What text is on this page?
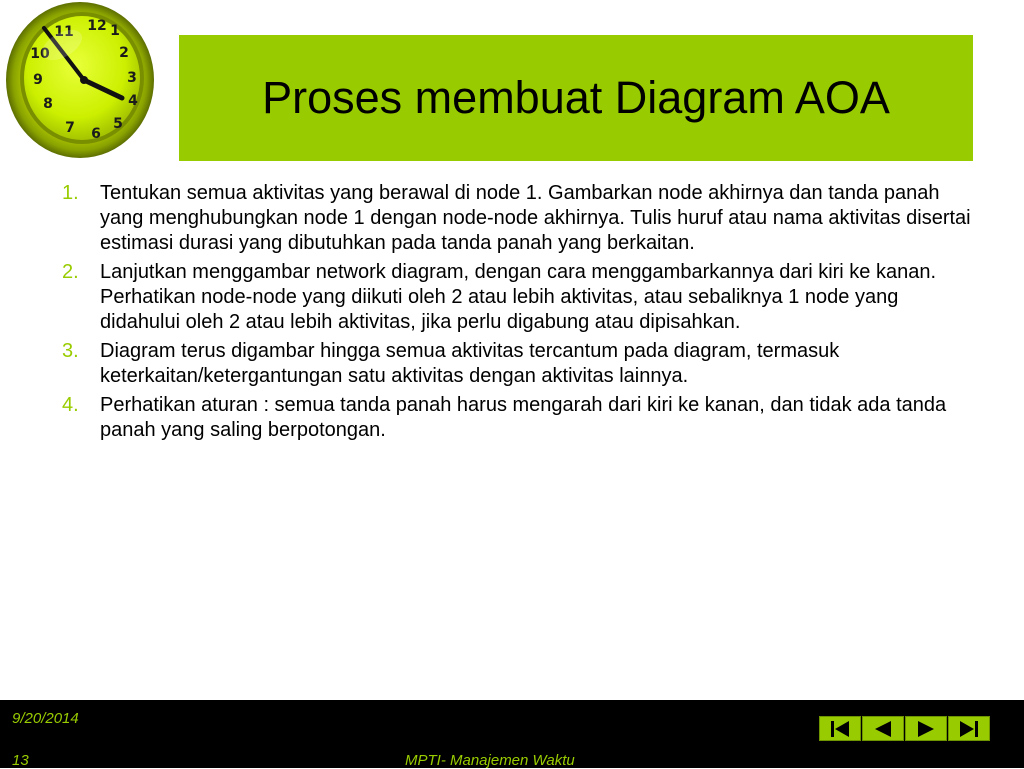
10
11 12 1
2
3
4
5
6
7
8
9	Proses membuat Diagram AOA
1. Tentukan semua aktivitas yang berawal di node 1. Gambarkan node akhirnya dan tanda panah yang menghubungkan node 1 dengan node-node akhirnya. Tulis huruf atau nama aktivitas disertai estimasi durasi yang dibutuhkan pada tanda panah yang berkaitan.
2. Lanjutkan menggambar network diagram, dengan cara menggambarkannya dari kiri ke kanan. Perhatikan node-node yang diikuti oleh 2 atau lebih aktivitas, atau sebaliknya 1 node yang didahului oleh 2 atau lebih aktivitas, jika perlu digabung atau dipisahkan.
3. Diagram terus digambar hingga semua aktivitas tercantum pada diagram, termasuk keterkaitan/ketergantungan satu aktivitas dengan aktivitas lainnya.
4. Perhatikan aturan : semua tanda panah harus mengarah dari kiri ke kanan, dan tidak ada tanda panah yang saling berpotongan.
9/20/2014
13	MPTI- Manajemen Waktu
